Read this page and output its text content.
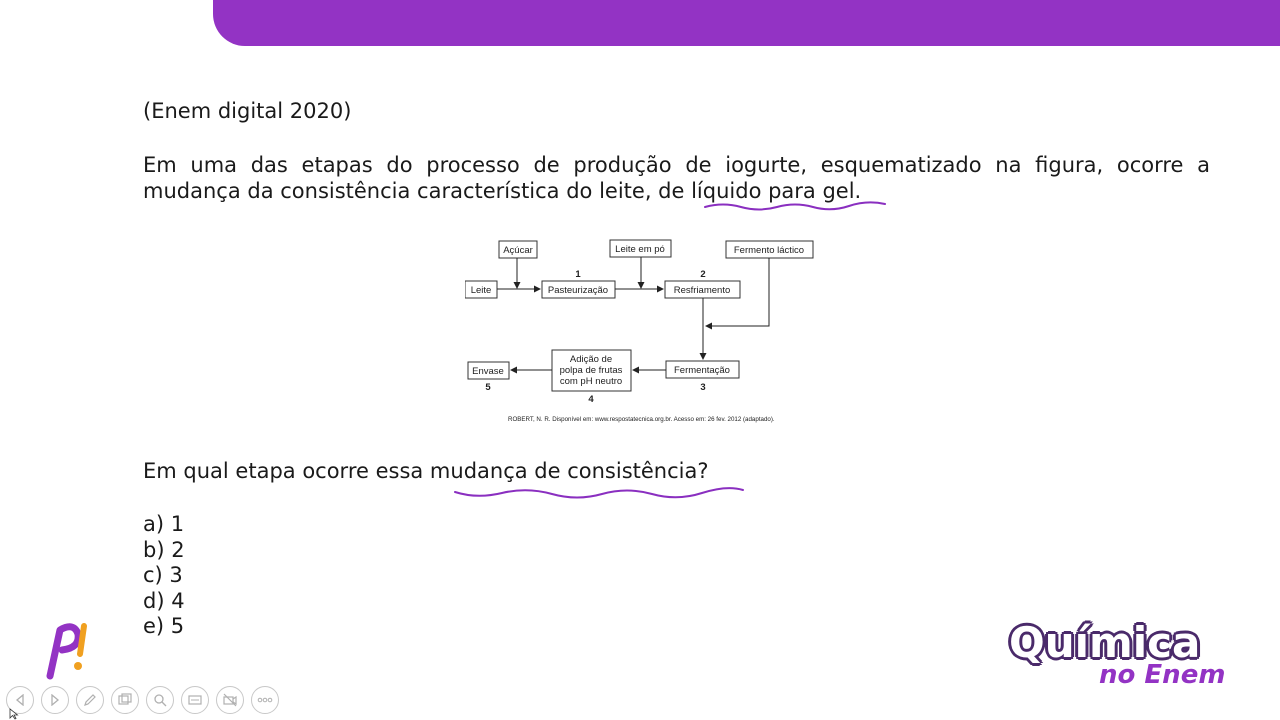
(Enem digital 2020)
Em uma das etapas do processo de produção de iogurte, esquematizado na figura, ocorre a mudança da consistência característica do leite, de líquido para gel.
Açúcar	Leite em pó	Fermento láctico
Leite	Pasteurização	Resfriamento
Fermentação
Adição de
polpa de frutas
com pH neutro
Envase
1	2
3
4
5
ROBERT, N. R. Disponível em: www.respostatecnica.org.br. Acesso em: 26 fev. 2012 (adaptado).
Em qual etapa ocorre essa mudança de consistência?
a) 1
b) 2
c) 3
d) 4
e) 5	Química
no Enem
